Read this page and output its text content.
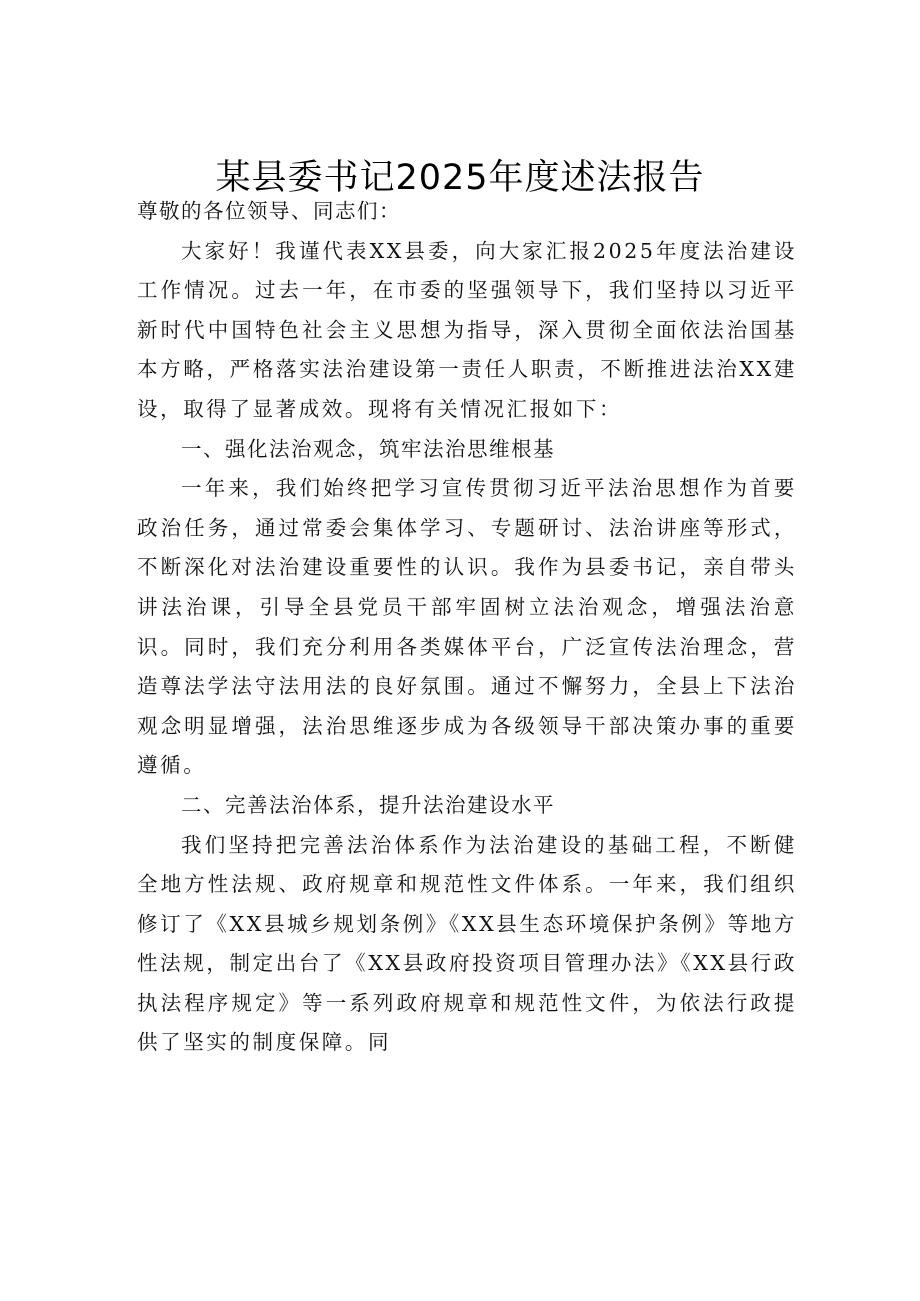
某县委书记2025年度述法报告

尊敬的各位领导、同志们：

大家好！我谨代表XX县委，向大家汇报2025年度法治建设工作情况。过去一年，在市委的坚强领导下，我们坚持以习近平新时代中国特色社会主义思想为指导，深入贯彻全面依法治国基本方略，严格落实法治建设第一责任人职责，不断推进法治XX建设，取得了显著成效。现将有关情况汇报如下：

一、强化法治观念，筑牢法治思维根基

一年来，我们始终把学习宣传贯彻习近平法治思想作为首要政治任务，通过常委会集体学习、专题研讨、法治讲座等形式，不断深化对法治建设重要性的认识。我作为县委书记，亲自带头讲法治课，引导全县党员干部牢固树立法治观念，增强法治意识。同时，我们充分利用各类媒体平台，广泛宣传法治理念，营造尊法学法守法用法的良好氛围。通过不懈努力，全县上下法治观念明显增强，法治思维逐步成为各级领导干部决策办事的重要遵循。

二、完善法治体系，提升法治建设水平

我们坚持把完善法治体系作为法治建设的基础工程，不断健全地方性法规、政府规章和规范性文件体系。一年来，我们组织修订了《XX县城乡规划条例》《XX县生态环境保护条例》等地方性法规，制定出台了《XX县政府投资项目管理办法》《XX县行政执法程序规定》等一系列政府规章和规范性文件，为依法行政提供了坚实的制度保障。同
